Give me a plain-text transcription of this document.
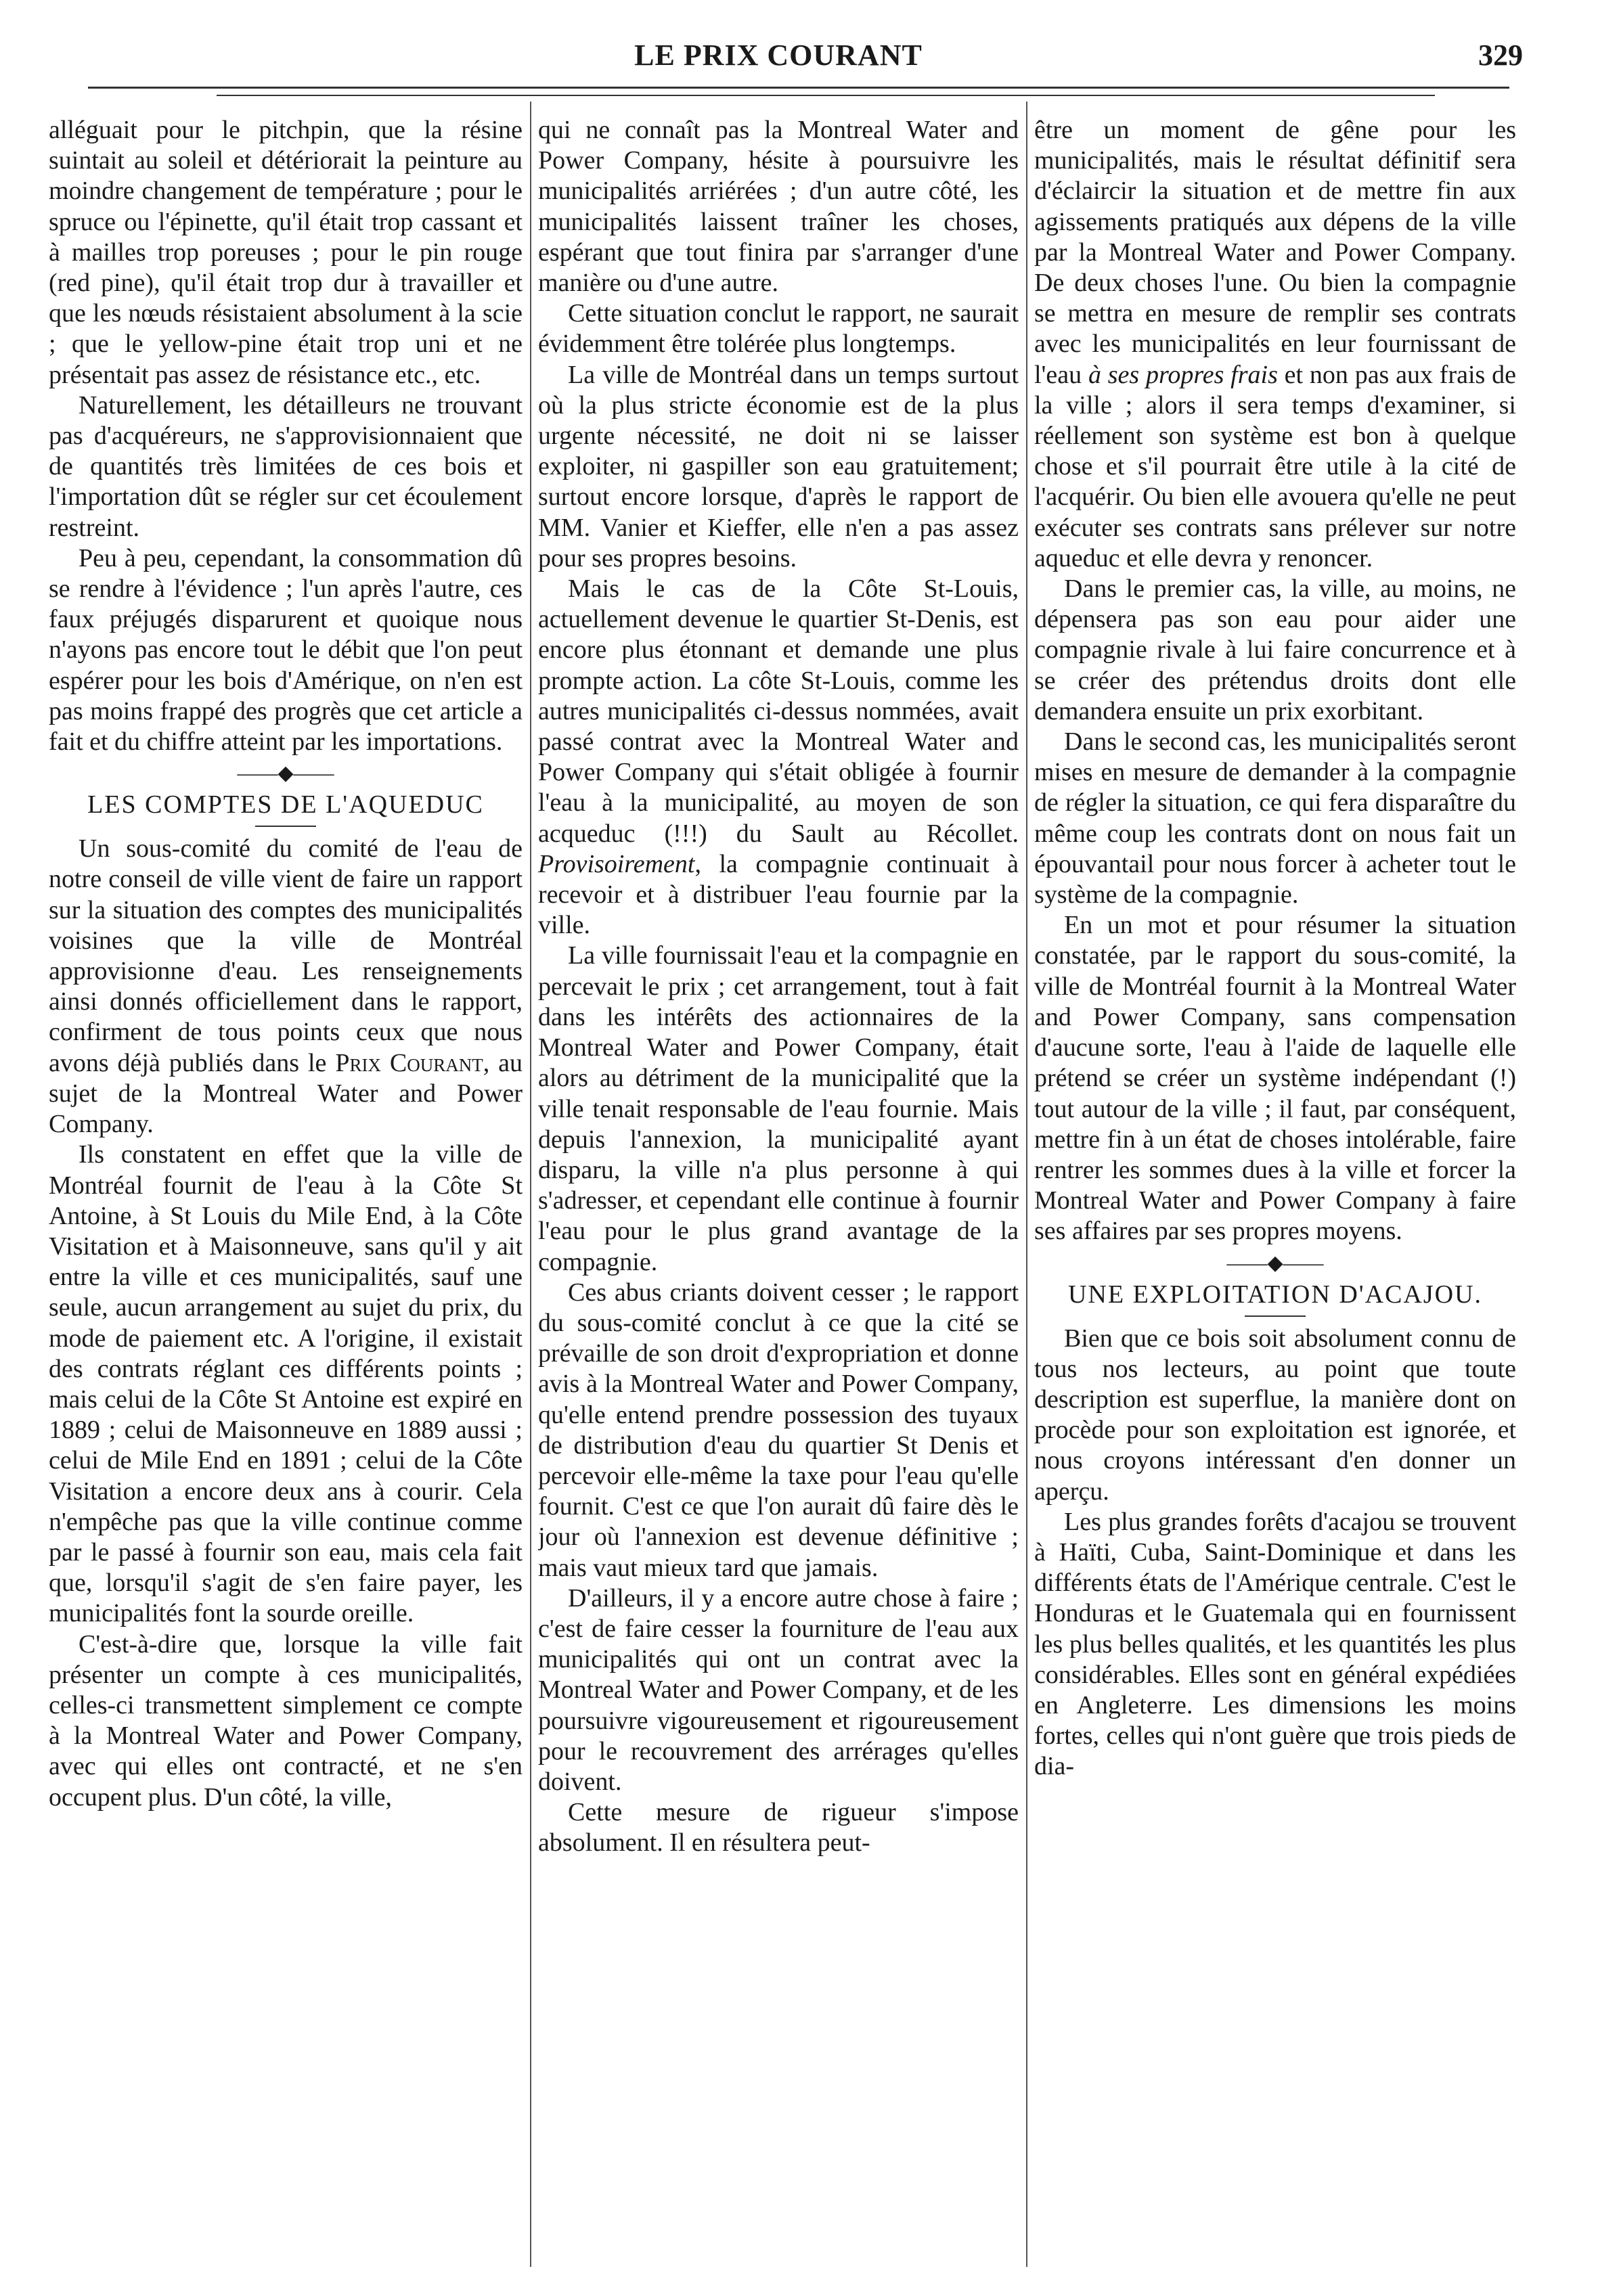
LE PRIX COURANT	329

alléguait pour le pitchpin, que la résine suintait au soleil et détériorait la peinture au moindre changement de température ; pour le spruce ou l'épinette, qu'il était trop cassant et à mailles trop poreuses ; pour le pin rouge (red pine), qu'il était trop dur à travailler et que les nœuds résistaient absolument à la scie ; que le yellow-pine était trop uni et ne présentait pas assez de résistance etc., etc.

Naturellement, les détailleurs ne trouvant pas d'acquéreurs, ne s'approvisionnaient que de quantités très limitées de ces bois et l'importation dût se régler sur cet écoulement restreint.

Peu à peu, cependant, la consommation dû se rendre à l'évidence ; l'un après l'autre, ces faux préjugés disparurent et quoique nous n'ayons pas encore tout le débit que l'on peut espérer pour les bois d'Amérique, on n'en est pas moins frappé des progrès que cet article a fait et du chiffre atteint par les importations.

——◆——
LES COMPTES DE L'AQUEDUC

Un sous-comité du comité de l'eau de notre conseil de ville vient de faire un rapport sur la situation des comptes des municipalités voisines que la ville de Montréal approvisionne d'eau. Les renseignements ainsi donnés officiellement dans le rapport, confirment de tous points ceux que nous avons déjà publiés dans le Prix Courant, au sujet de la Montreal Water and Power Company.

Ils constatent en effet que la ville de Montréal fournit de l'eau à la Côte St Antoine, à St Louis du Mile End, à la Côte Visitation et à Maisonneuve, sans qu'il y ait entre la ville et ces municipalités, sauf une seule, aucun arrangement au sujet du prix, du mode de paiement etc. A l'origine, il existait des contrats réglant ces différents points ; mais celui de la Côte St Antoine est expiré en 1889 ; celui de Maisonneuve en 1889 aussi ; celui de Mile End en 1891 ; celui de la Côte Visitation a encore deux ans à courir. Cela n'empêche pas que la ville continue comme par le passé à fournir son eau, mais cela fait que, lorsqu'il s'agit de s'en faire payer, les municipalités font la sourde oreille.

C'est-à-dire que, lorsque la ville fait présenter un compte à ces municipalités, celles-ci transmettent simplement ce compte à la Montreal Water and Power Company, avec qui elles ont contracté, et ne s'en occupent plus. D'un côté, la ville,

qui ne connaît pas la Montreal Water and Power Company, hésite à poursuivre les municipalités arriérées ; d'un autre côté, les municipalités laissent traîner les choses, espérant que tout finira par s'arranger d'une manière ou d'une autre.

Cette situation conclut le rapport, ne saurait évidemment être tolérée plus longtemps.

La ville de Montréal dans un temps surtout où la plus stricte économie est de la plus urgente nécessité, ne doit ni se laisser exploiter, ni gaspiller son eau gratuitement; surtout encore lorsque, d'après le rapport de MM. Vanier et Kieffer, elle n'en a pas assez pour ses propres besoins.

Mais le cas de la Côte St-Louis, actuellement devenue le quartier St-Denis, est encore plus étonnant et demande une plus prompte action. La côte St-Louis, comme les autres municipalités ci-dessus nommées, avait passé contrat avec la Montreal Water and Power Company qui s'était obligée à fournir l'eau à la municipalité, au moyen de son acqueduc (!!!) du Sault au Récollet. Provisoirement, la compagnie continuait à recevoir et à distribuer l'eau fournie par la ville.

La ville fournissait l'eau et la compagnie en percevait le prix ; cet arrangement, tout à fait dans les intérêts des actionnaires de la Montreal Water and Power Company, était alors au détriment de la municipalité que la ville tenait responsable de l'eau fournie. Mais depuis l'annexion, la municipalité ayant disparu, la ville n'a plus personne à qui s'adresser, et cependant elle continue à fournir l'eau pour le plus grand avantage de la compagnie.

Ces abus criants doivent cesser ; le rapport du sous-comité conclut à ce que la cité se prévaille de son droit d'expropriation et donne avis à la Montreal Water and Power Company, qu'elle entend prendre possession des tuyaux de distribution d'eau du quartier St Denis et percevoir elle-même la taxe pour l'eau qu'elle fournit. C'est ce que l'on aurait dû faire dès le jour où l'annexion est devenue définitive ; mais vaut mieux tard que jamais.

D'ailleurs, il y a encore autre chose à faire ; c'est de faire cesser la fourniture de l'eau aux municipalités qui ont un contrat avec la Montreal Water and Power Company, et de les poursuivre vigoureusement et rigoureusement pour le recouvrement des arrérages qu'elles doivent.

Cette mesure de rigueur s'impose absolument. Il en résultera peut-

être un moment de gêne pour les municipalités, mais le résultat définitif sera d'éclaircir la situation et de mettre fin aux agissements pratiqués aux dépens de la ville par la Montreal Water and Power Company. De deux choses l'une. Ou bien la compagnie se mettra en mesure de remplir ses contrats avec les municipalités en leur fournissant de l'eau à ses propres frais et non pas aux frais de la ville ; alors il sera temps d'examiner, si réellement son système est bon à quelque chose et s'il pourrait être utile à la cité de l'acquérir. Ou bien elle avouera qu'elle ne peut exécuter ses contrats sans prélever sur notre aqueduc et elle devra y renoncer.

Dans le premier cas, la ville, au moins, ne dépensera pas son eau pour aider une compagnie rivale à lui faire concurrence et à se créer des prétendus droits dont elle demandera ensuite un prix exorbitant.

Dans le second cas, les municipalités seront mises en mesure de demander à la compagnie de régler la situation, ce qui fera disparaître du même coup les contrats dont on nous fait un épouvantail pour nous forcer à acheter tout le système de la compagnie.

En un mot et pour résumer la situation constatée, par le rapport du sous-comité, la ville de Montréal fournit à la Montreal Water and Power Company, sans compensation d'aucune sorte, l'eau à l'aide de laquelle elle prétend se créer un système indépendant (!) tout autour de la ville ; il faut, par conséquent, mettre fin à un état de choses intolérable, faire rentrer les sommes dues à la ville et forcer la Montreal Water and Power Company à faire ses affaires par ses propres moyens.

——◆——
UNE EXPLOITATION D'ACAJOU.

Bien que ce bois soit absolument connu de tous nos lecteurs, au point que toute description est superflue, la manière dont on procède pour son exploitation est ignorée, et nous croyons intéressant d'en donner un aperçu.

Les plus grandes forêts d'acajou se trouvent à Haïti, Cuba, Saint-Dominique et dans les différents états de l'Amérique centrale. C'est le Honduras et le Guatemala qui en fournissent les plus belles qualités, et les quantités les plus considérables. Elles sont en général expédiées en Angleterre. Les dimensions les moins fortes, celles qui n'ont guère que trois pieds de dia-
